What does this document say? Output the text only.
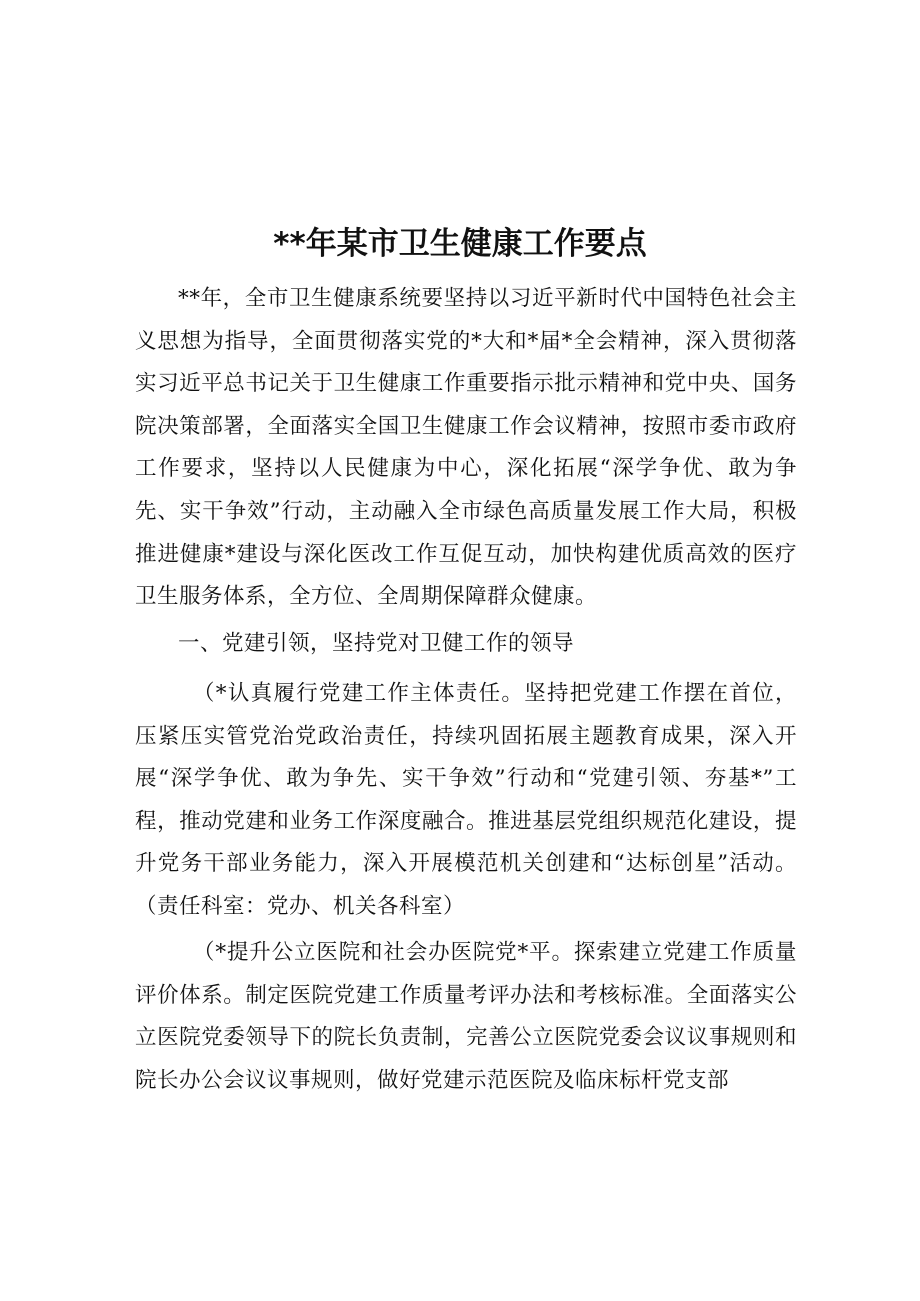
**年某市卫生健康工作要点

**年，全市卫生健康系统要坚持以习近平新时代中国特色社会主义思想为指导，全面贯彻落实党的*大和*届*全会精神，深入贯彻落实习近平总书记关于卫生健康工作重要指示批示精神和党中央、国务院决策部署，全面落实全国卫生健康工作会议精神，按照市委市政府工作要求，坚持以人民健康为中心，深化拓展“深学争优、敢为争先、实干争效”行动，主动融入全市绿色高质量发展工作大局，积极推进健康*建设与深化医改工作互促互动，加快构建优质高效的医疗卫生服务体系，全方位、全周期保障群众健康。

一、党建引领，坚持党对卫健工作的领导

（*认真履行党建工作主体责任。坚持把党建工作摆在首位，压紧压实管党治党政治责任，持续巩固拓展主题教育成果，深入开展“深学争优、敢为争先、实干争效”行动和“党建引领、夯基*”工程，推动党建和业务工作深度融合。推进基层党组织规范化建设，提升党务干部业务能力，深入开展模范机关创建和“达标创星”活动。（责任科室：党办、机关各科室）

（*提升公立医院和社会办医院党*平。探索建立党建工作质量评价体系。制定医院党建工作质量考评办法和考核标准。全面落实公立医院党委领导下的院长负责制，完善公立医院党委会议议事规则和院长办公会议议事规则，做好党建示范医院及临床标杆党支部
